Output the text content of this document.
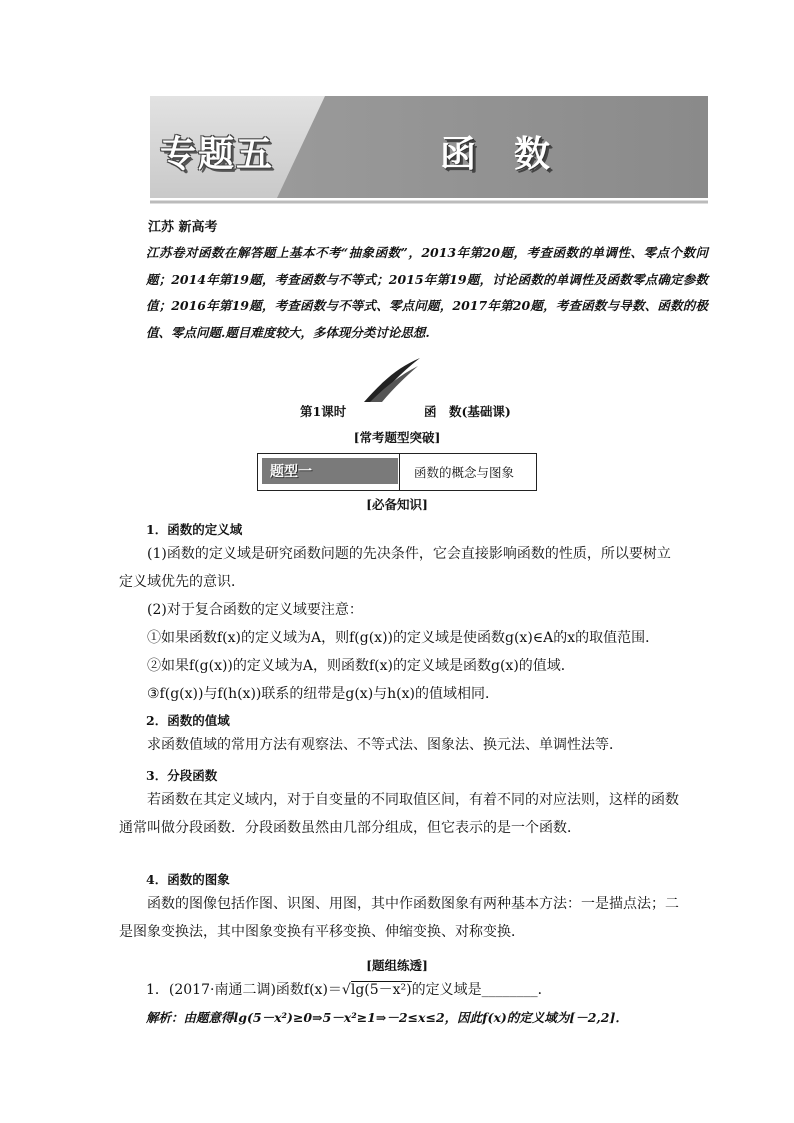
专题五	函数
江苏 新高考
江苏卷对函数在解答题上基本不考“抽象函数”，2013年第20题，考查函数的单调性、零点个数问题；2014年第19题，考查函数与不等式；2015年第19题，讨论函数的单调性及函数零点确定参数值；2016年第19题，考查函数与不等式、零点问题，2017年第20题，考查函数与导数、函数的极值、零点问题.题目难度较大，多体现分类讨论思想.
第1课时	函　数(基础课)
[常考题型突破]
题型一	函数的概念与图象
[必备知识]
1．函数的定义域
(1)函数的定义域是研究函数问题的先决条件，它会直接影响函数的性质，所以要树立定义域优先的意识．
(2)对于复合函数的定义域要注意：
①如果函数f(x)的定义域为A，则f(g(x))的定义域是使函数g(x)∈A的x的取值范围．
②如果f(g(x))的定义域为A，则函数f(x)的定义域是函数g(x)的值域．
③f(g(x))与f(h(x))联系的纽带是g(x)与h(x)的值域相同．
2．函数的值域
求函数值域的常用方法有观察法、不等式法、图象法、换元法、单调性法等．
3．分段函数
若函数在其定义域内，对于自变量的不同取值区间，有着不同的对应法则，这样的函数通常叫做分段函数．分段函数虽然由几部分组成，但它表示的是一个函数．
4．函数的图象
函数的图像包括作图、识图、用图，其中作函数图象有两种基本方法：一是描点法；二是图象变换法，其中图象变换有平移变换、伸缩变换、对称变换．
[题组练透]
1．(2017·南通二调)函数f(x)＝√lg(5－x²)的定义域是________．
解析：由题意得lg(5－x²)≥0⇒5－x²≥1⇒－2≤x≤2，因此f(x)的定义域为[－2,2]．
